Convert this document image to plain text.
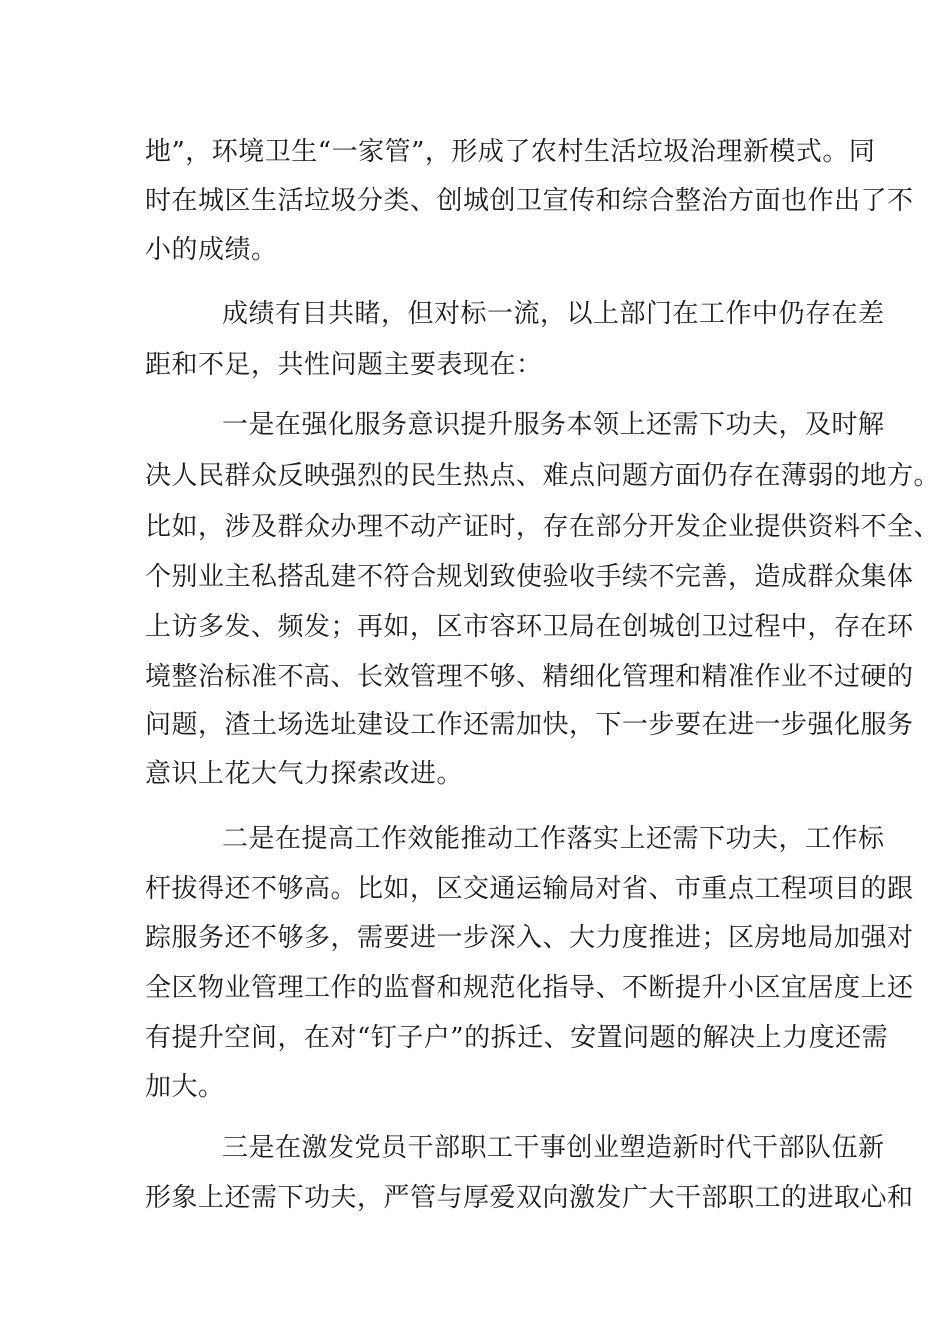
地”，环境卫生“一家管”，形成了农村生活垃圾治理新模式。同
时在城区生活垃圾分类、创城创卫宣传和综合整治方面也作出了不
小的成绩。
成绩有目共睹，但对标一流，以上部门在工作中仍存在差
距和不足，共性问题主要表现在：
一是在强化服务意识提升服务本领上还需下功夫，及时解
决人民群众反映强烈的民生热点、难点问题方面仍存在薄弱的地方。
比如，涉及群众办理不动产证时，存在部分开发企业提供资料不全、
个别业主私搭乱建不符合规划致使验收手续不完善，造成群众集体
上访多发、频发；再如，区市容环卫局在创城创卫过程中，存在环
境整治标准不高、长效管理不够、精细化管理和精准作业不过硬的
问题，渣土场选址建设工作还需加快，下一步要在进一步强化服务
意识上花大气力探索改进。
二是在提高工作效能推动工作落实上还需下功夫，工作标
杆拔得还不够高。比如，区交通运输局对省、市重点工程项目的跟
踪服务还不够多，需要进一步深入、大力度推进；区房地局加强对
全区物业管理工作的监督和规范化指导、不断提升小区宜居度上还
有提升空间，在对“钉子户”的拆迁、安置问题的解决上力度还需
加大。
三是在激发党员干部职工干事创业塑造新时代干部队伍新
形象上还需下功夫，严管与厚爱双向激发广大干部职工的进取心和
